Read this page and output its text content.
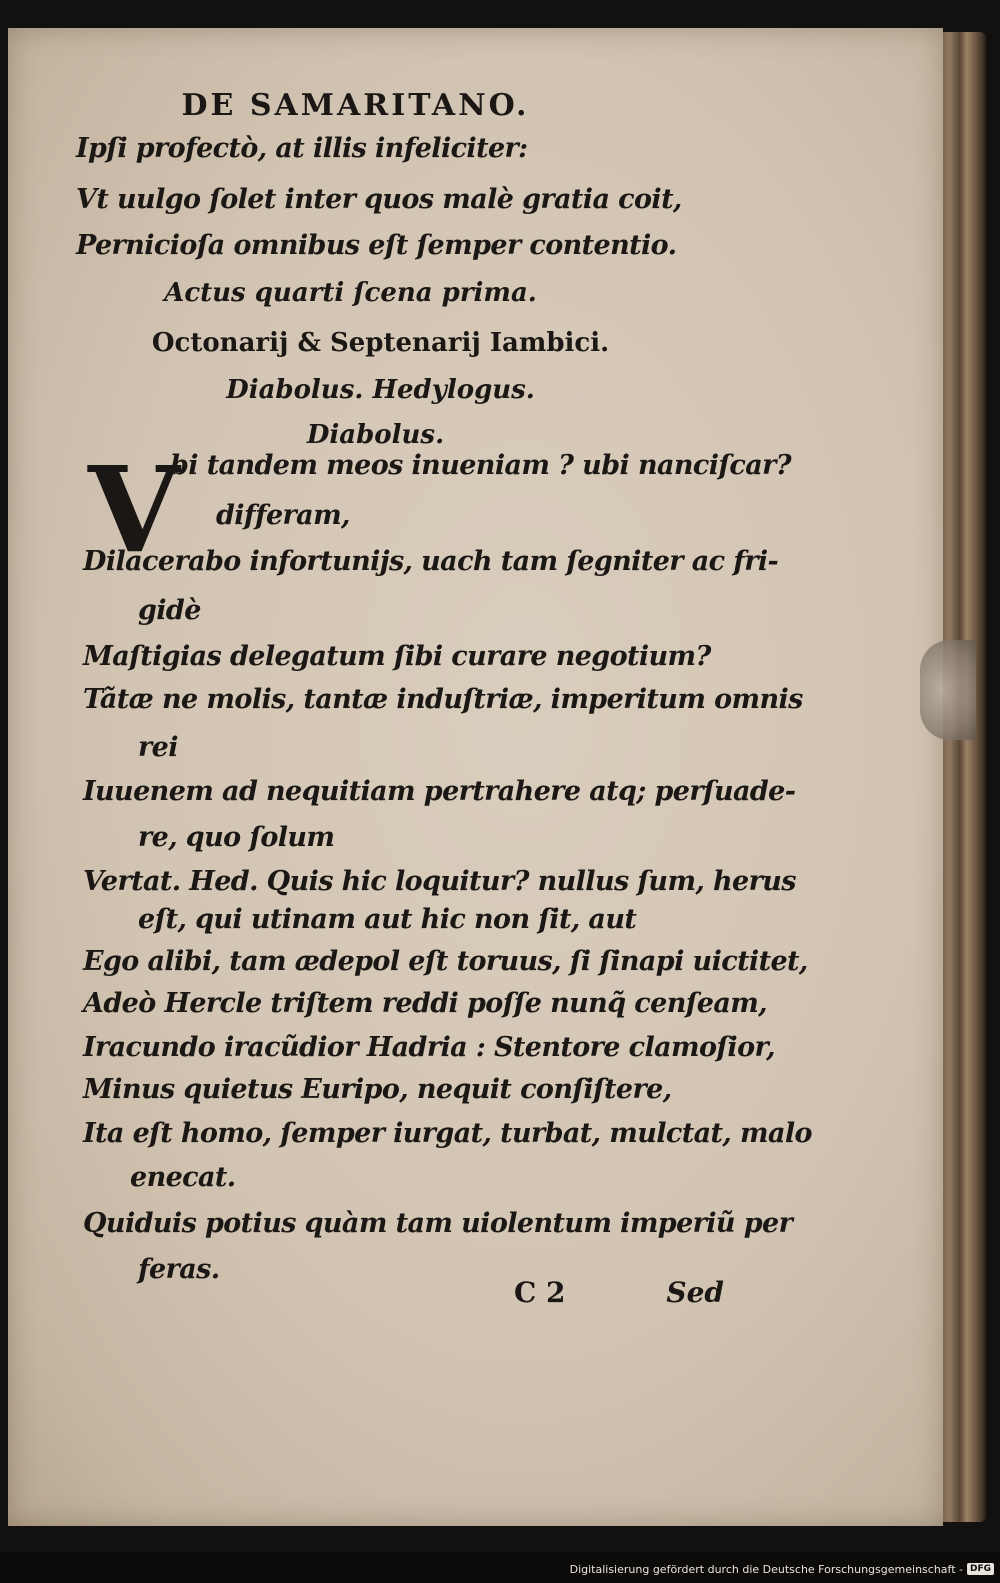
DE SAMARITANO.
Ipſi profectò, at illis infeliciter:
Vt uulgo ſolet inter quos malè gratia coit,
Pernicioſa omnibus eſt ſemper contentio.
Actus quarti ſcena prima.
Octonarij & Septenarij Iambici.
Diabolus. Hedylogus.
Diabolus.
V
bi tandem meos inueniam ? ubi nanciſcar?
differam,
Dilacerabo infortunijs, uach tam ſegniter ac fri-
gidè
Maſtigias delegatum ſibi curare negotium?
Tãtæ ne molis, tantæ induſtriæ, imperitum omnis
rei
Iuuenem ad nequitiam pertrahere atq; perſuade-
re, quo ſolum
Vertat. Hed. Quis hic loquitur? nullus ſum, herus
eſt, qui utinam aut hic non ſit, aut
Ego alibi, tam ædepol eſt toruus, ſi ſinapi uictitet,
Adeò Hercle triſtem reddi poſſe nunq̃ cenſeam,
Iracundo iracũdior Hadria : Stentore clamoſior,
Minus quietus Euripo, nequit conſiſtere,
Ita eſt homo, ſemper iurgat, turbat, mulctat, malo
enecat.
Quiduis potius quàm tam uiolentum imperiũ per
feras.
C 2	Sed
Digitalisierung gefördert durch die Deutsche Forschungsgemeinschaft - DFG
